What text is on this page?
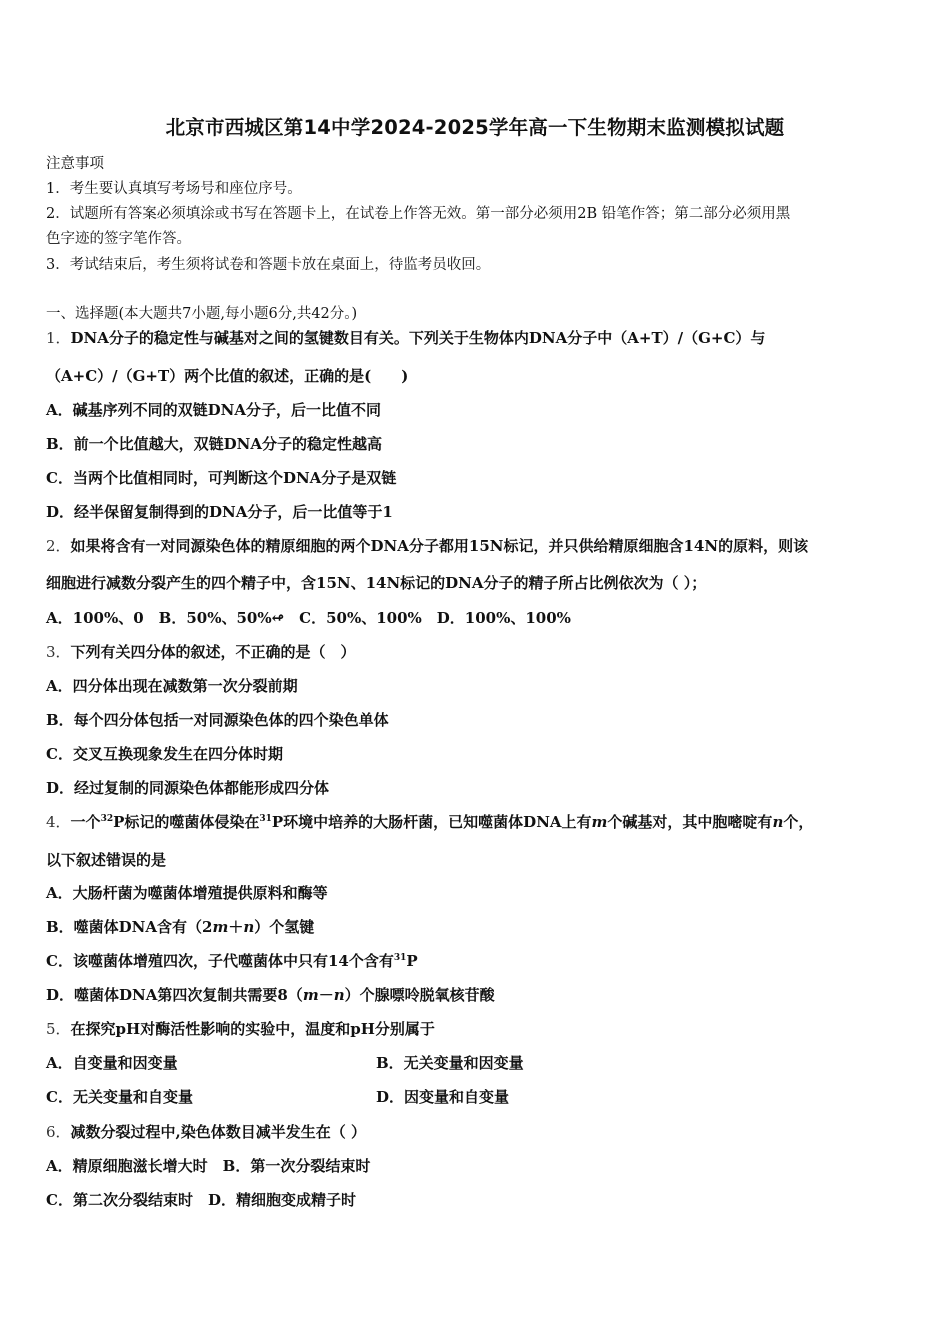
北京市西城区第14中学2024-2025学年高一下生物期末监测模拟试题
注意事项
1．考生要认真填写考场号和座位序号。
2．试题所有答案必须填涂或书写在答题卡上，在试卷上作答无效。第一部分必须用2B 铅笔作答；第二部分必须用黑
色字迹的签字笔作答。
3．考试结束后，考生须将试卷和答题卡放在桌面上，待监考员收回。
一、选择题(本大题共7小题,每小题6分,共42分。)
1．DNA分子的稳定性与碱基对之间的氢键数目有关。下列关于生物体内DNA分子中（A+T）/（G+C）与
（A+C）/（G+T）两个比值的叙述，正确的是(　　)
A．碱基序列不同的双链DNA分子，后一比值不同
B．前一个比值越大，双链DNA分子的稳定性越高
C．当两个比值相同时，可判断这个DNA分子是双链
D．经半保留复制得到的DNA分子，后一比值等于1
2．如果将含有一对同源染色体的精原细胞的两个DNA分子都用15N标记，并只供给精原细胞含14N的原料，则该
细胞进行减数分裂产生的四个精子中，含15N、14N标记的DNA分子的精子所占比例依次为（ ）；
A．100%、0　B．50%、50%↫　C．50%、100%　D．100%、100%
3．下列有关四分体的叙述，不正确的是（　）
A．四分体出现在减数第一次分裂前期
B．每个四分体包括一对同源染色体的四个染色单体
C．交叉互换现象发生在四分体时期
D．经过复制的同源染色体都能形成四分体
4．一个$^{32}$P标记的噬菌体侵染在$^{31}$P环境中培养的大肠杆菌，已知噬菌体DNA上有m个碱基对，其中胞嘧啶有n个，
以下叙述错误的是
A．大肠杆菌为噬菌体增殖提供原料和酶等
B．噬菌体DNA含有（2m＋n）个氢键
C．该噬菌体增殖四次，子代噬菌体中只有14个含有$^{31}$P
D．噬菌体DNA第四次复制共需要8（m－n）个腺嘌呤脱氧核苷酸
5．在探究pH对酶活性影响的实验中，温度和pH分别属于
A．自变量和因变量	B．无关变量和因变量
C．无关变量和自变量	D．因变量和自变量
6．减数分裂过程中,染色体数目减半发生在（ ）
A．精原细胞滋长增大时　B．第一次分裂结束时
C．第二次分裂结束时　D．精细胞变成精子时
